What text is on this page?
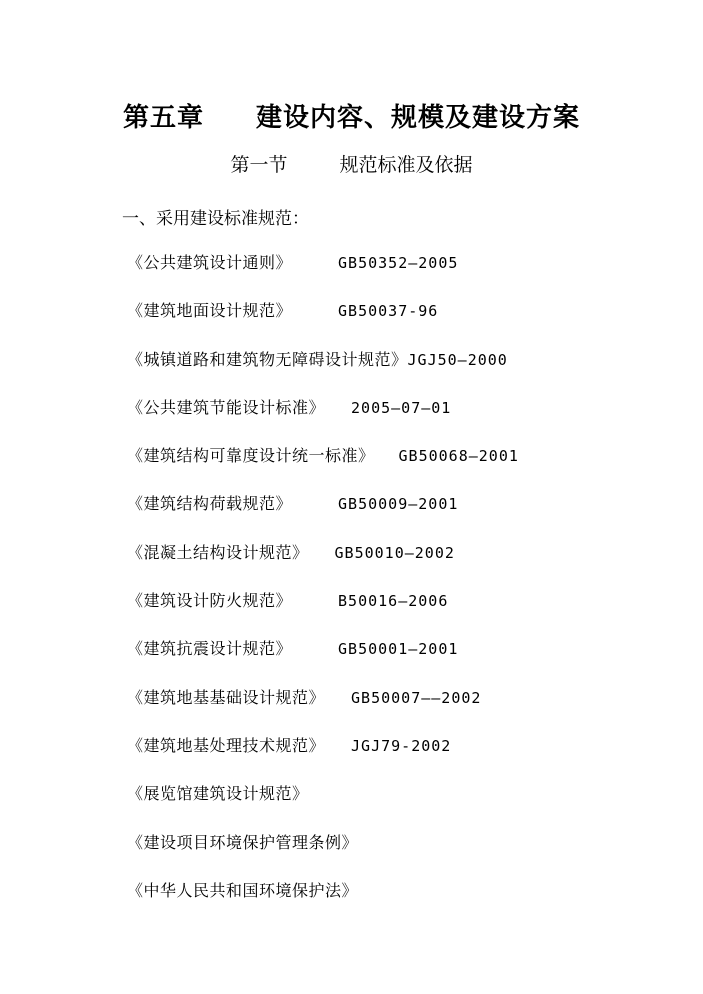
第五章 建设内容、规模及建设方案
第一节	规范标准及依据
一、采用建设标准规范：
《公共建筑设计通则》	GB50352—2005
《建筑地面设计规范》	GB50037-96
《城镇道路和建筑物无障碍设计规范》JGJ50—2000
《公共建筑节能设计标准》 2005—07—01
《建筑结构可靠度设计统一标准》 GB50068—2001
《建筑结构荷载规范》	GB50009—2001
《混凝土结构设计规范》 GB50010—2002
《建筑设计防火规范》	B50016—2006
《建筑抗震设计规范》	GB50001—2001
《建筑地基基础设计规范》 GB50007——2002
《建筑地基处理技术规范》 JGJ79-2002
《展览馆建筑设计规范》
《建设项目环境保护管理条例》
《中华人民共和国环境保护法》
